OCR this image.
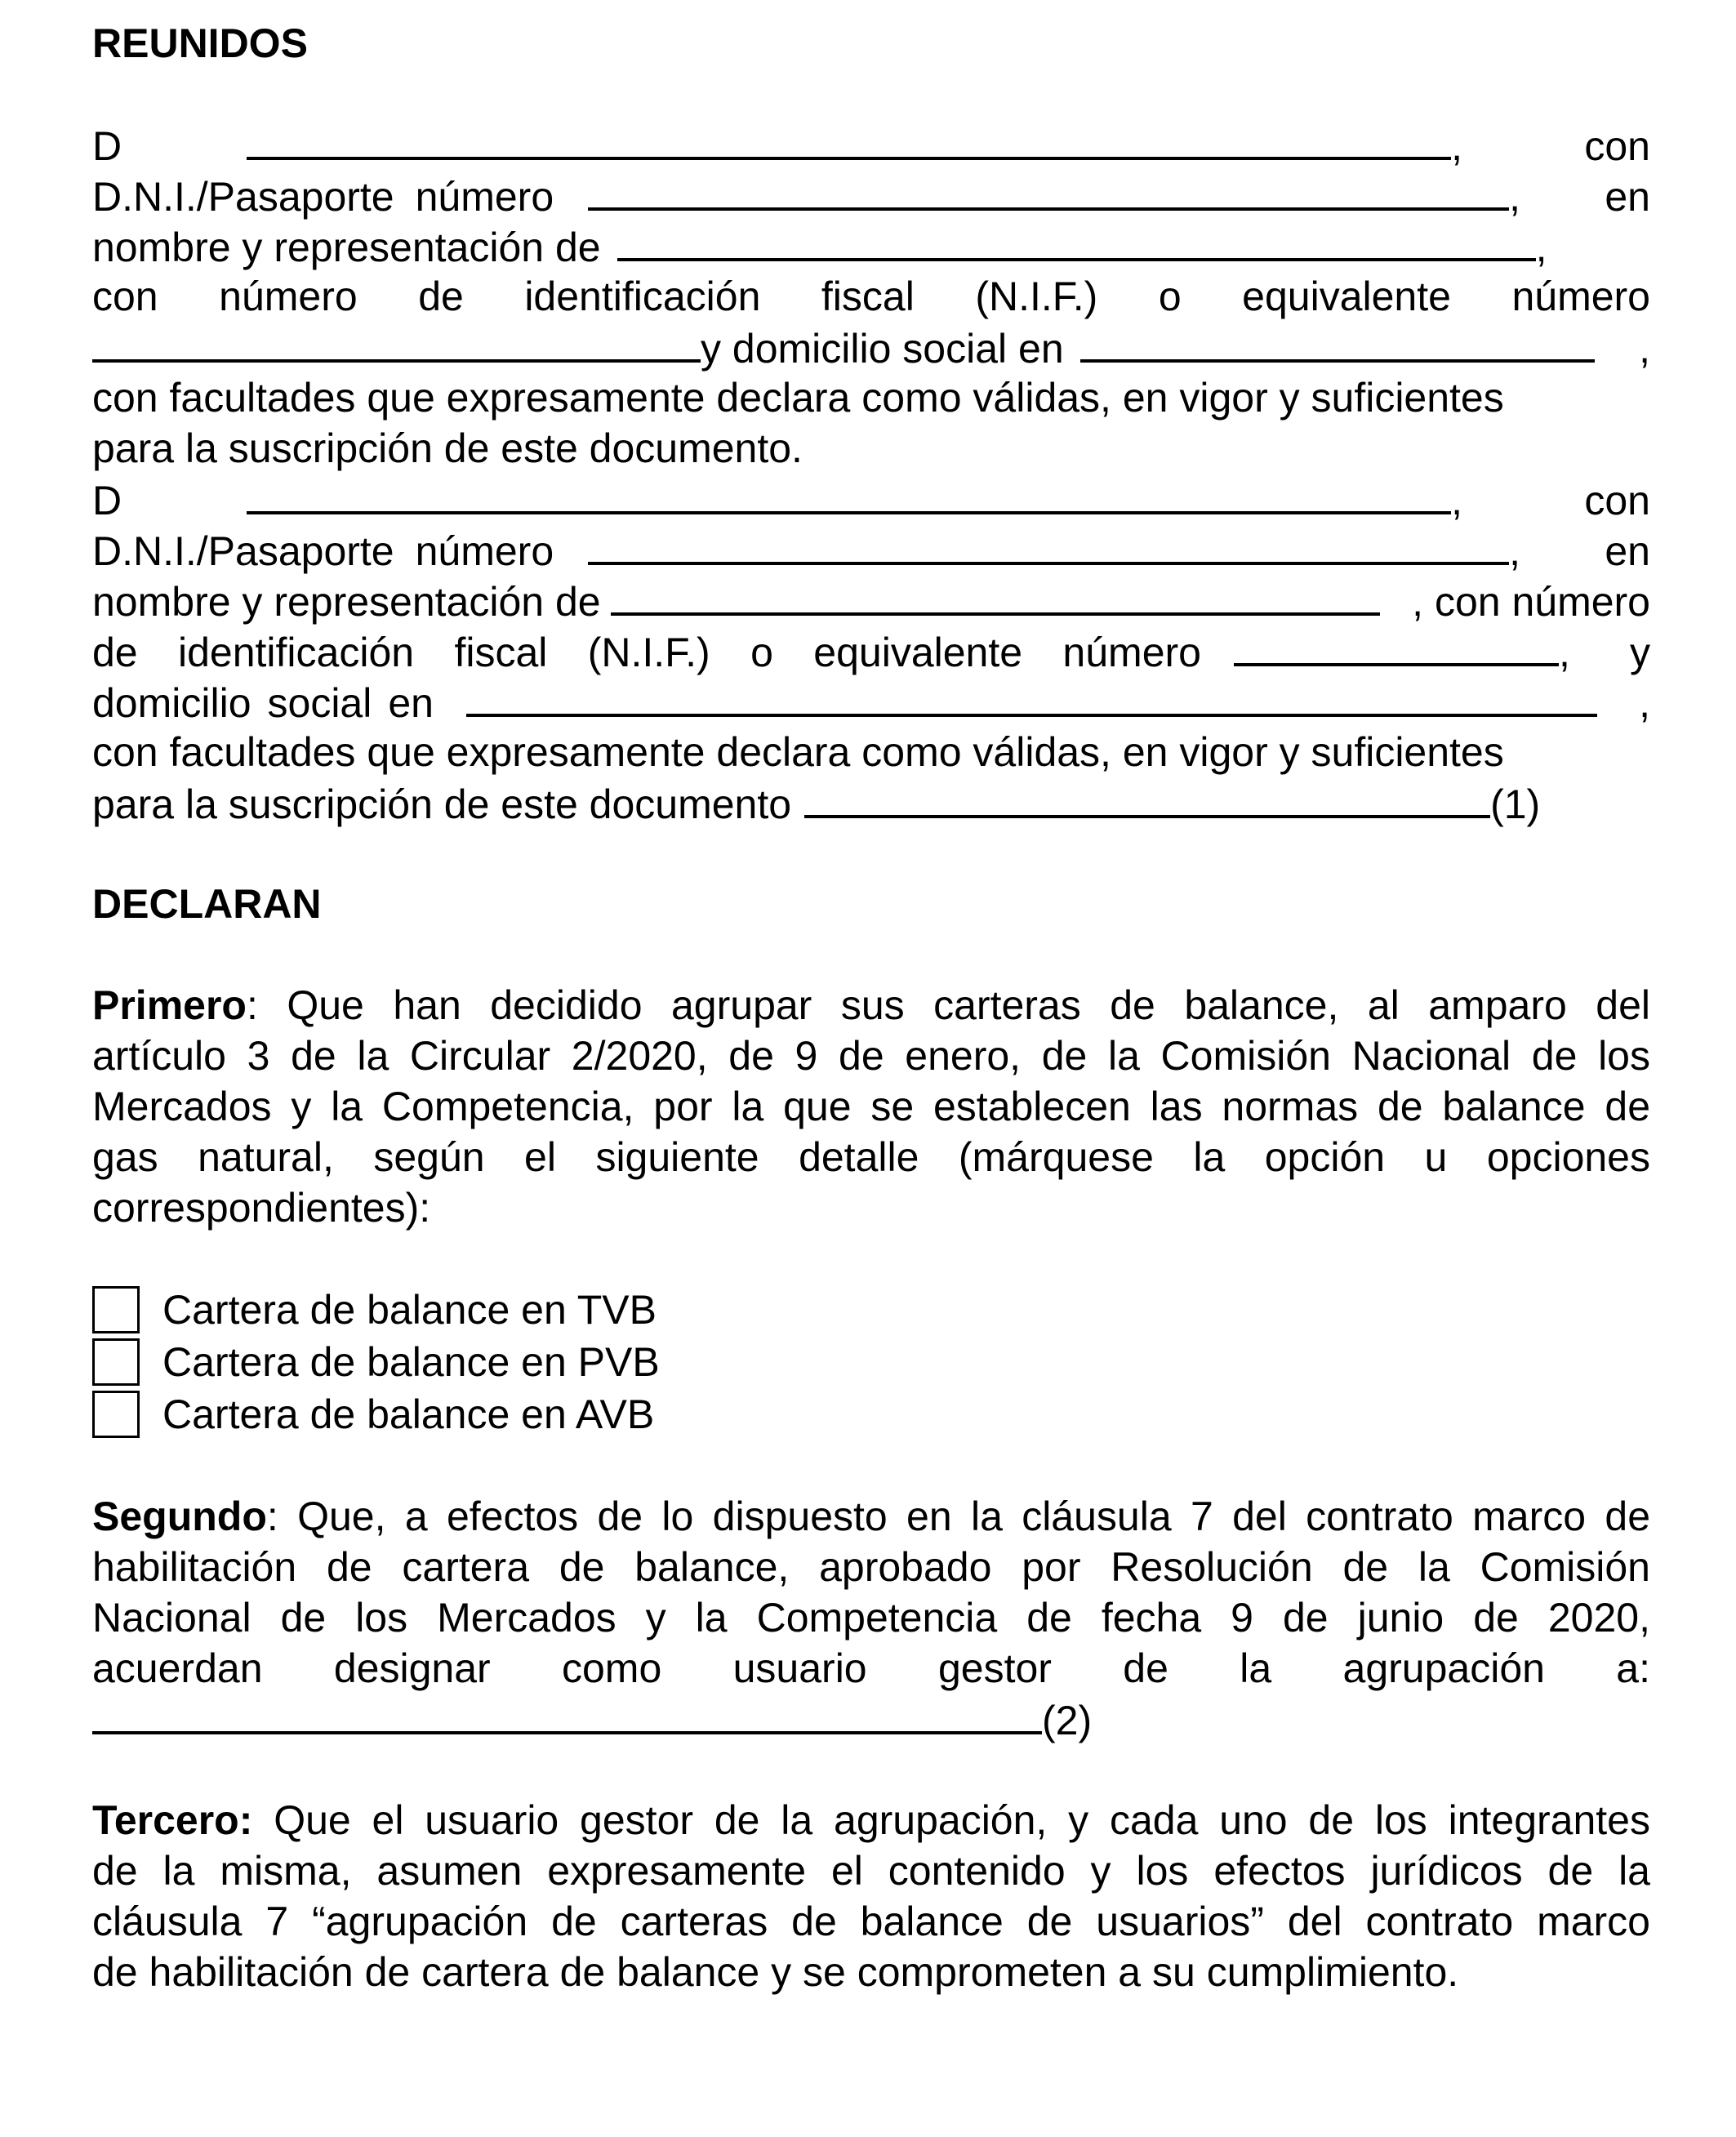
REUNIDOS
D	,	con
D.N.I./Pasaporte número	, en
nombre y representación de	,
con número de identificación fiscal (N.I.F.) o equivalente número
y domicilio social en	,
con facultades que expresamente declara como válidas, en vigor y suficientes
para la suscripción de este documento.
D	,	con
D.N.I./Pasaporte número	, en
nombre y representación de	, con número
de identificación fiscal (N.I.F.) o equivalente número	, y
domicilio social en	,
con facultades que expresamente declara como válidas, en vigor y suficientes
para la suscripción de este documento	(1)
DECLARAN
Primero: Que han decidido agrupar sus carteras de balance, al amparo del
artículo 3 de la Circular 2/2020, de 9 de enero, de la Comisión Nacional de los
Mercados y la Competencia, por la que se establecen las normas de balance de
gas natural, según el siguiente detalle (márquese la opción u opciones
correspondientes):
Cartera de balance en TVB
Cartera de balance en PVB
Cartera de balance en AVB
Segundo: Que, a efectos de lo dispuesto en la cláusula 7 del contrato marco de
habilitación de cartera de balance, aprobado por Resolución de la Comisión
Nacional de los Mercados y la Competencia de fecha 9 de junio de 2020,
acuerdan designar como usuario gestor de la agrupación a:
(2)
Tercero: Que el usuario gestor de la agrupación, y cada uno de los integrantes
de la misma, asumen expresamente el contenido y los efectos jurídicos de la
cláusula 7 “agrupación de carteras de balance de usuarios” del contrato marco
de habilitación de cartera de balance y se comprometen a su cumplimiento.
